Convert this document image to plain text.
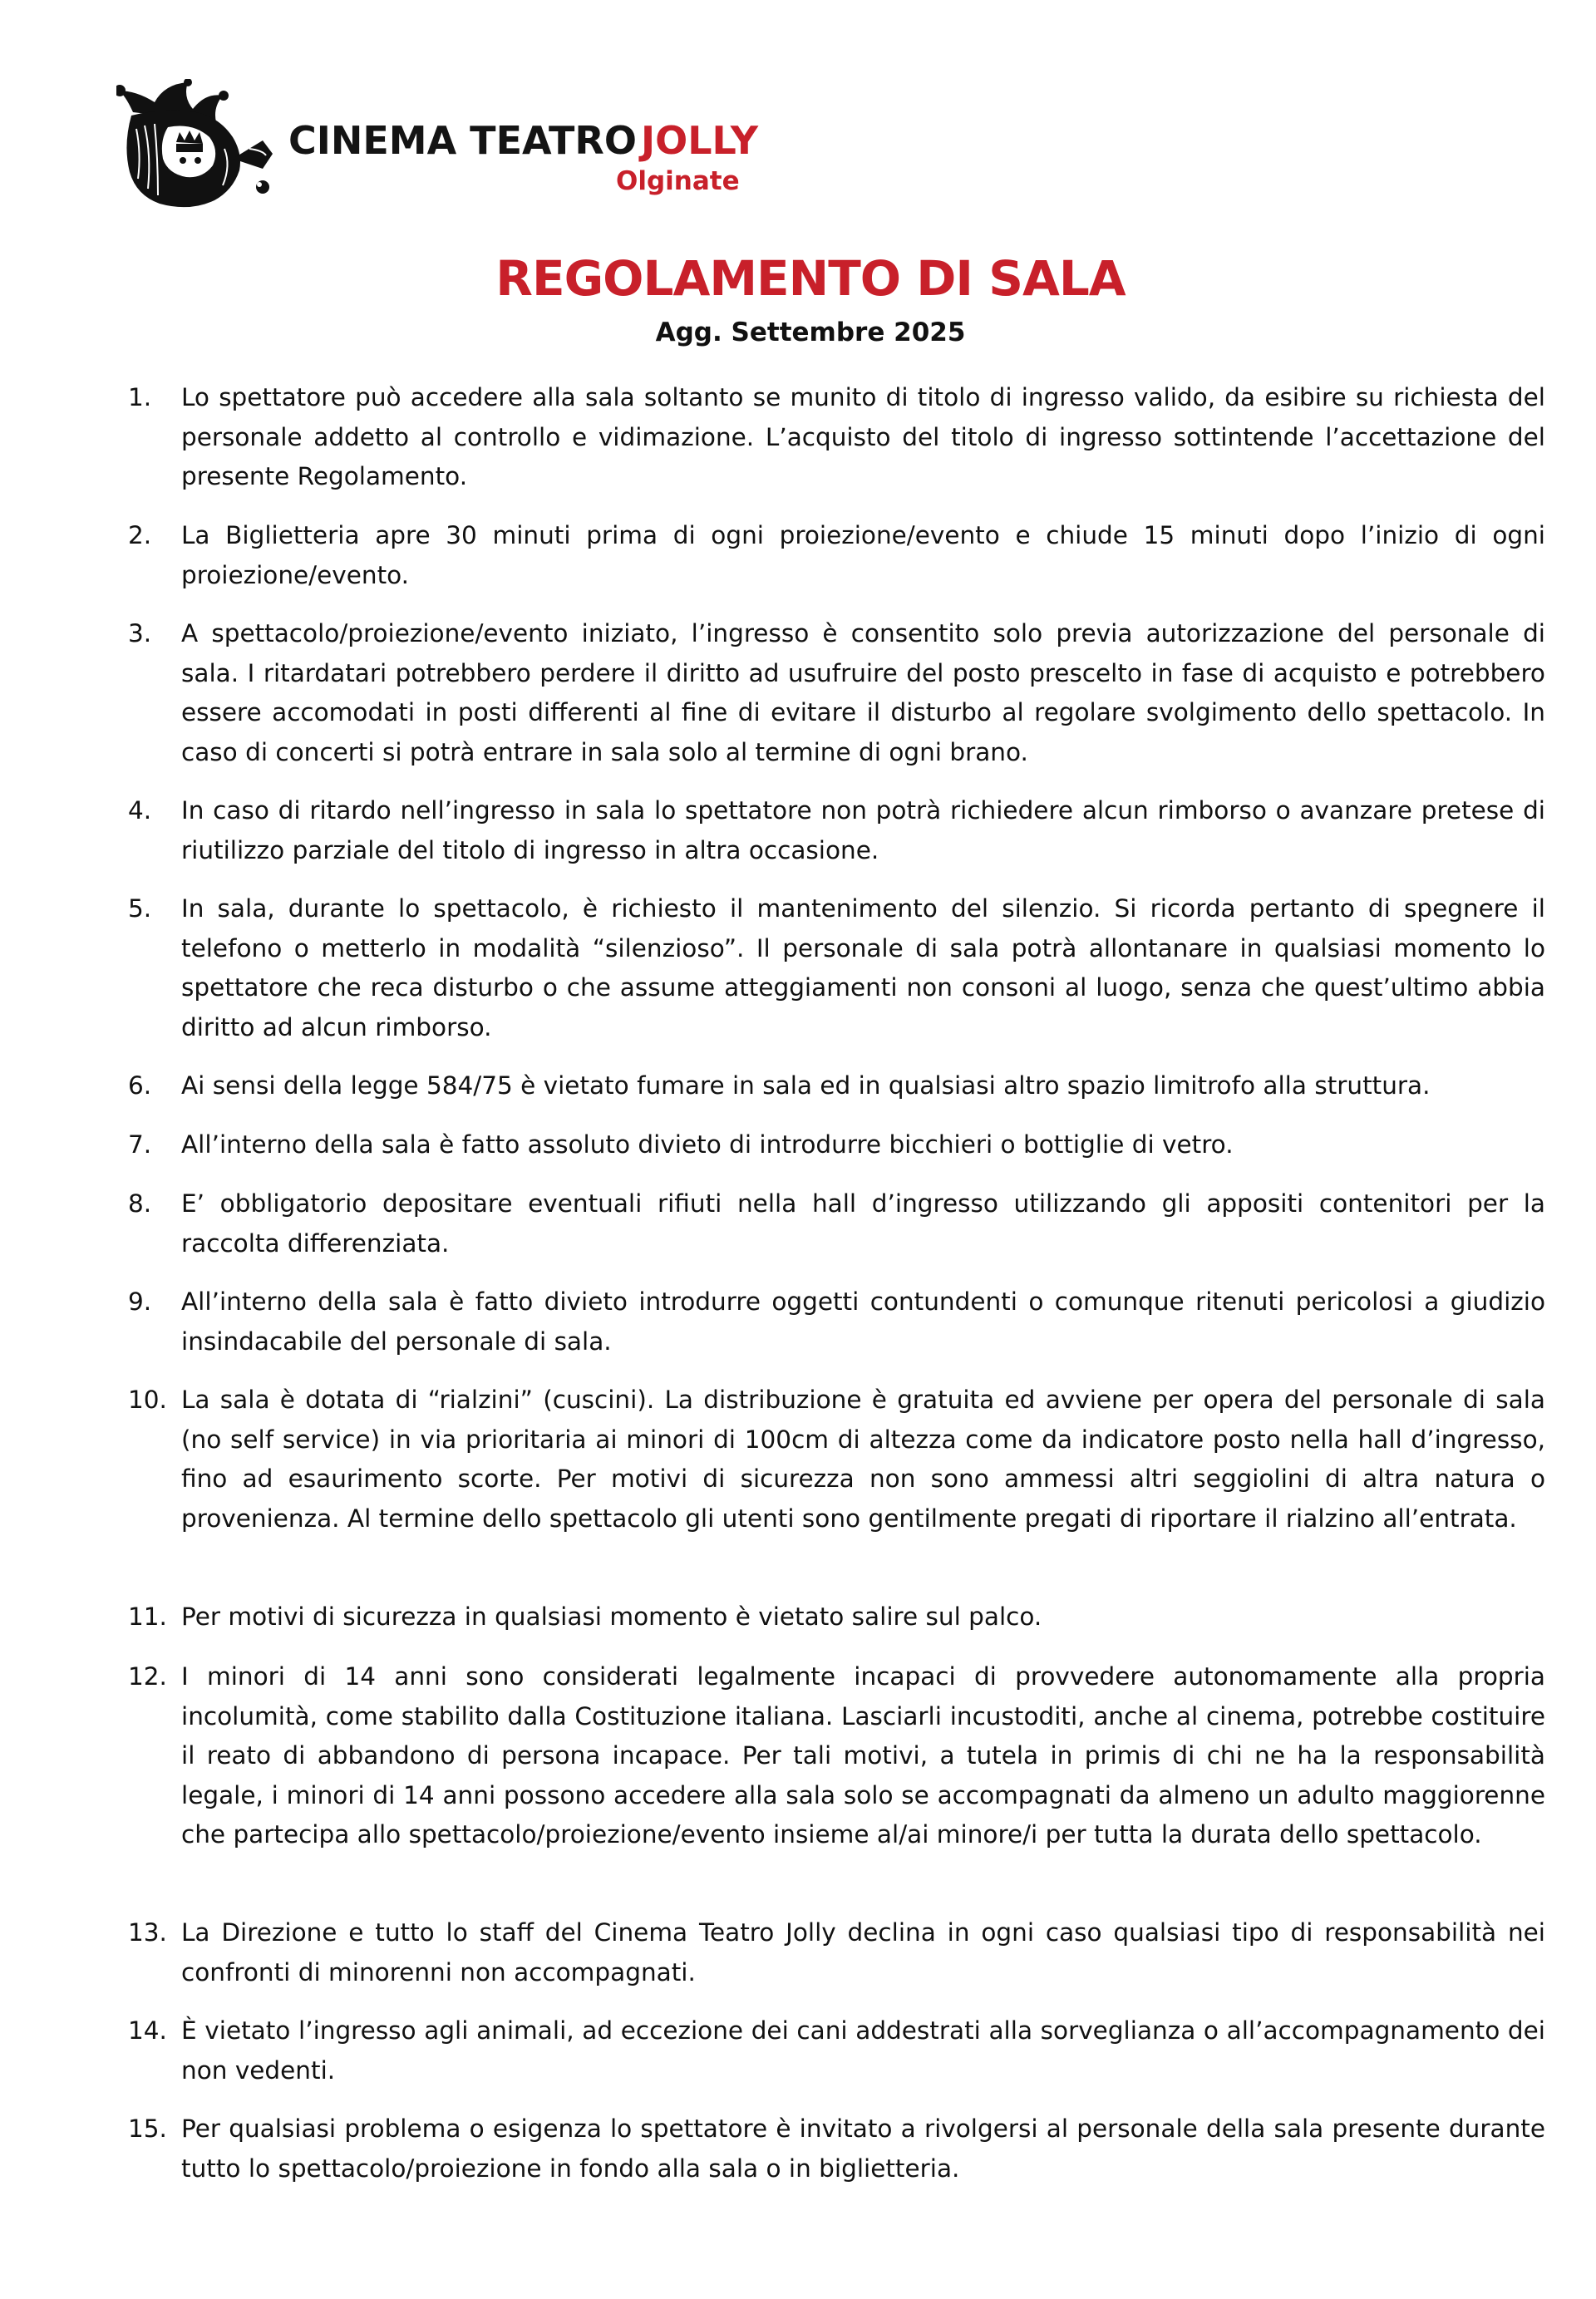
CINEMA TEATRO JOLLY
Olginate
REGOLAMENTO DI SALA
Agg. Settembre 2025
1.	Lo spettatore può accedere alla sala soltanto se munito di titolo di ingresso valido, da esibire su richiesta del personale addetto al controllo e vidimazione. L’acquisto del titolo di ingresso sottintende l’accettazione del presente Regolamento.
2.	La Biglietteria apre 30 minuti prima di ogni proiezione/evento e chiude 15 minuti dopo l’inizio di ogni proiezione/evento.
3.	A spettacolo/proiezione/evento iniziato, l’ingresso è consentito solo previa autorizzazione del personale di sala. I ritardatari potrebbero perdere il diritto ad usufruire del posto prescelto in fase di acquisto e potrebbero essere accomodati in posti differenti al fine di evitare il disturbo al regolare svolgimento dello spettacolo. In caso di concerti si potrà entrare in sala solo al termine di ogni brano.
4.	In caso di ritardo nell’ingresso in sala lo spettatore non potrà richiedere alcun rimborso o avanzare pretese di riutilizzo parziale del titolo di ingresso in altra occasione.
5.	In sala, durante lo spettacolo, è richiesto il mantenimento del silenzio. Si ricorda pertanto di spegnere il telefono o metterlo in modalità “silenzioso”. Il personale di sala potrà allontanare in qualsiasi momento lo spettatore che reca disturbo o che assume atteggiamenti non consoni al luogo, senza che quest’ultimo abbia diritto ad alcun rimborso.
6.	Ai sensi della legge 584/75 è vietato fumare in sala ed in qualsiasi altro spazio limitrofo alla struttura.
7.	All’interno della sala è fatto assoluto divieto di introdurre bicchieri o bottiglie di vetro.
8.	E’ obbligatorio depositare eventuali rifiuti nella hall d’ingresso utilizzando gli appositi contenitori per la raccolta differenziata.
9.	All’interno della sala è fatto divieto introdurre oggetti contundenti o comunque ritenuti pericolosi a giudizio insindacabile del personale di sala.
10. La sala è dotata di “rialzini” (cuscini). La distribuzione è gratuita ed avviene per opera del personale di sala (no self service) in via prioritaria ai minori di 100cm di altezza come da indicatore posto nella hall d’ingresso, fino ad esaurimento scorte. Per motivi di sicurezza non sono ammessi altri seggiolini di altra natura o provenienza. Al termine dello spettacolo gli utenti sono gentilmente pregati di riportare il rialzino all’entrata.
11. Per motivi di sicurezza in qualsiasi momento è vietato salire sul palco.
12. I minori di 14 anni sono considerati legalmente incapaci di provvedere autonomamente alla propria incolumità, come stabilito dalla Costituzione italiana. Lasciarli incustoditi, anche al cinema, potrebbe costituire il reato di abbandono di persona incapace. Per tali motivi, a tutela in primis di chi ne ha la responsabilità legale, i minori di 14 anni possono accedere alla sala solo se accompagnati da almeno un adulto maggiorenne che partecipa allo spettacolo/proiezione/evento insieme al/ai minore/i per tutta la durata dello spettacolo.
13. La Direzione e tutto lo staff del Cinema Teatro Jolly declina in ogni caso qualsiasi tipo di responsabilità nei confronti di minorenni non accompagnati.
14. È vietato l’ingresso agli animali, ad eccezione dei cani addestrati alla sorveglianza o all’accompagnamento dei non vedenti.
15. Per qualsiasi problema o esigenza lo spettatore è invitato a rivolgersi al personale della sala presente durante tutto lo spettacolo/proiezione in fondo alla sala o in biglietteria.
